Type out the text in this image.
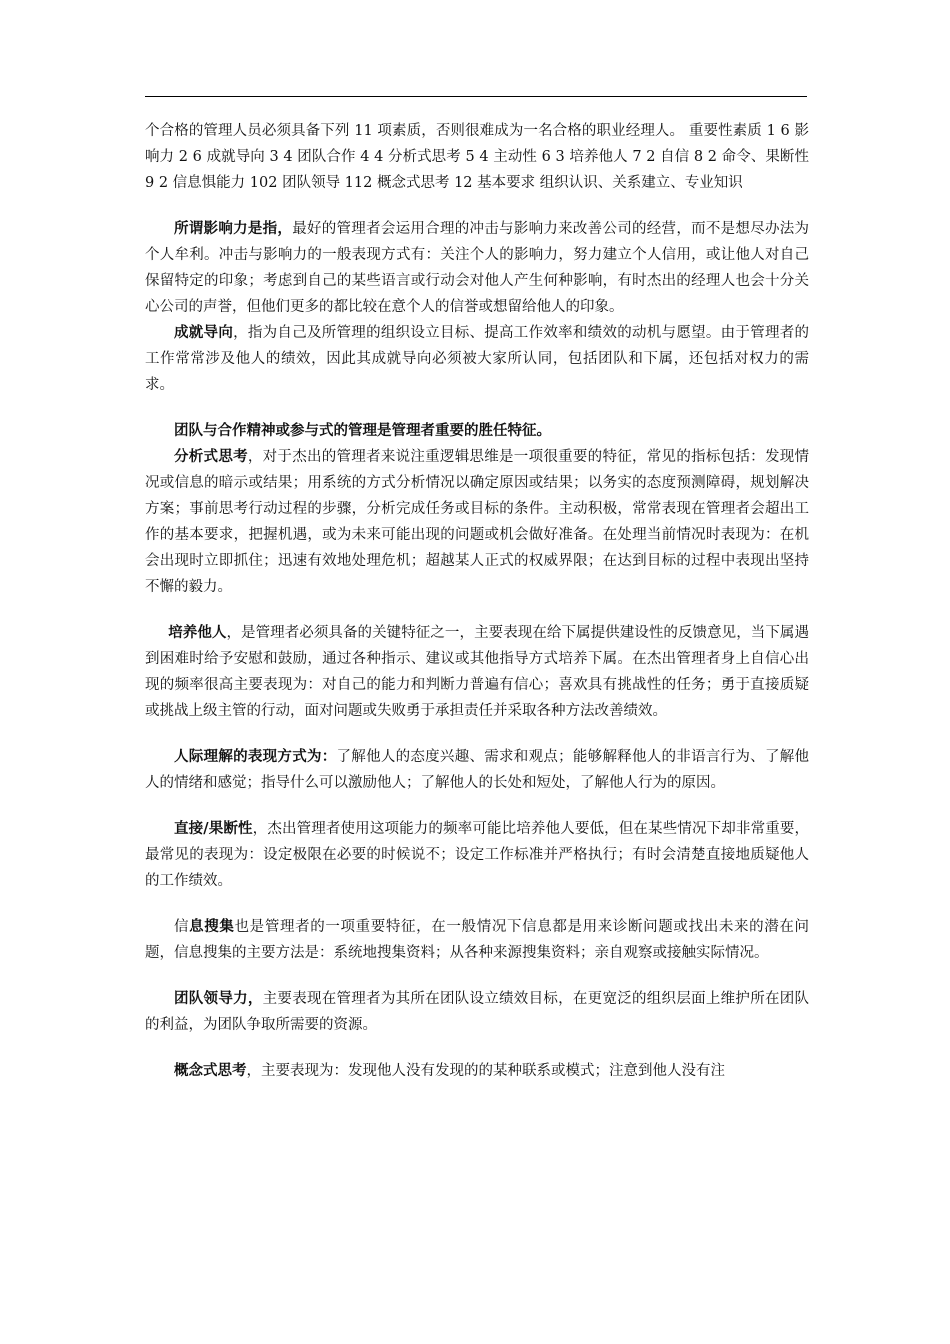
个合格的管理人员必须具备下列 11 项素质，否则很难成为一名合格的职业经理人。 重要性素质 1 6 影响力 2 6 成就导向 3 4 团队合作 4 4 分析式思考 5 4 主动性 6 3 培养他人 7 2 自信 8 2 命令、果断性 9 2 信息惧能力 102 团队领导 112 概念式思考 12 基本要求 组织认识、关系建立、专业知识

所谓影响力是指，最好的管理者会运用合理的冲击与影响力来改善公司的经营，而不是想尽办法为个人牟利。冲击与影响力的一般表现方式有：关注个人的影响力，努力建立个人信用，或让他人对自己保留特定的印象；考虑到自己的某些语言或行动会对他人产生何种影响，有时杰出的经理人也会十分关心公司的声誉，但他们更多的都比较在意个人的信誉或想留给他人的印象。

成就导向，指为自己及所管理的组织设立目标、提高工作效率和绩效的动机与愿望。由于管理者的工作常常涉及他人的绩效，因此其成就导向必须被大家所认同，包括团队和下属，还包括对权力的需求。

团队与合作精神或参与式的管理是管理者重要的胜任特征。

分析式思考，对于杰出的管理者来说注重逻辑思维是一项很重要的特征，常见的指标包括：发现情况或信息的暗示或结果；用系统的方式分析情况以确定原因或结果；以务实的态度预测障碍，规划解决方案；事前思考行动过程的步骤，分析完成任务或目标的条件。主动积极，常常表现在管理者会超出工作的基本要求，把握机遇，或为未来可能出现的问题或机会做好准备。在处理当前情况时表现为：在机会出现时立即抓住；迅速有效地处理危机；超越某人正式的权威界限；在达到目标的过程中表现出坚持不懈的毅力。

培养他人，是管理者必须具备的关键特征之一，主要表现在给下属提供建设性的反馈意见，当下属遇到困难时给予安慰和鼓励，通过各种指示、建议或其他指导方式培养下属。在杰出管理者身上自信心出现的频率很高主要表现为：对自己的能力和判断力普遍有信心；喜欢具有挑战性的任务；勇于直接质疑或挑战上级主管的行动，面对问题或失败勇于承担责任并采取各种方法改善绩效。

人际理解的表现方式为：了解他人的态度兴趣、需求和观点；能够解释他人的非语言行为、了解他人的情绪和感觉；指导什么可以激励他人；了解他人的长处和短处，了解他人行为的原因。

直接/果断性，杰出管理者使用这项能力的频率可能比培养他人要低，但在某些情况下却非常重要，最常见的表现为：设定极限在必要的时候说不；设定工作标准并严格执行；有时会清楚直接地质疑他人的工作绩效。

信息搜集也是管理者的一项重要特征，在一般情况下信息都是用来诊断问题或找出未来的潜在问题，信息搜集的主要方法是：系统地搜集资料；从各种来源搜集资料；亲自观察或接触实际情况。

团队领导力，主要表现在管理者为其所在团队设立绩效目标，在更宽泛的组织层面上维护所在团队的利益，为团队争取所需要的资源。

概念式思考，主要表现为：发现他人没有发现的的某种联系或模式；注意到他人没有注
